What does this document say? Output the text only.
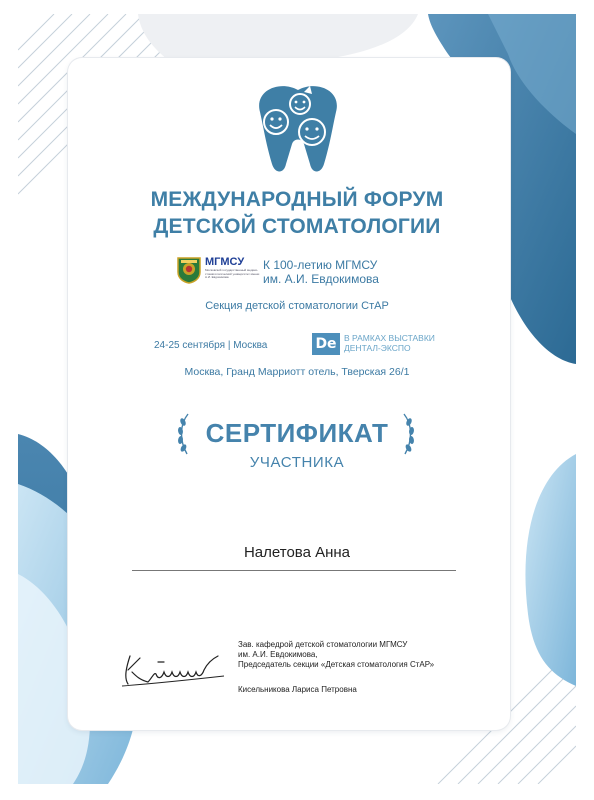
МЕЖДУНАРОДНЫЙ ФОРУМ
ДЕТСКОЙ СТОМАТОЛОГИИ
МГМСУ
Московский государственный медико-стоматологический университет имени А.И. Евдокимова
К 100-летию МГМСУ
им. А.И. Евдокимова
Секция детской стоматологии СтАР
24-25 сентября | Москва	De В РАМКАХ ВЫСТАВКИ
ДЕНТАЛ-ЭКСПО
Москва, Гранд Марриотт отель, Тверская 26/1
СЕРТИФИКАТ
УЧАСТНИКА
Налетова Анна
Зав. кафедрой детской стоматологии МГМСУ
им. А.И. Евдокимова,
Председатель секции «Детская стоматология СтАР»
Кисельникова Лариса Петровна
